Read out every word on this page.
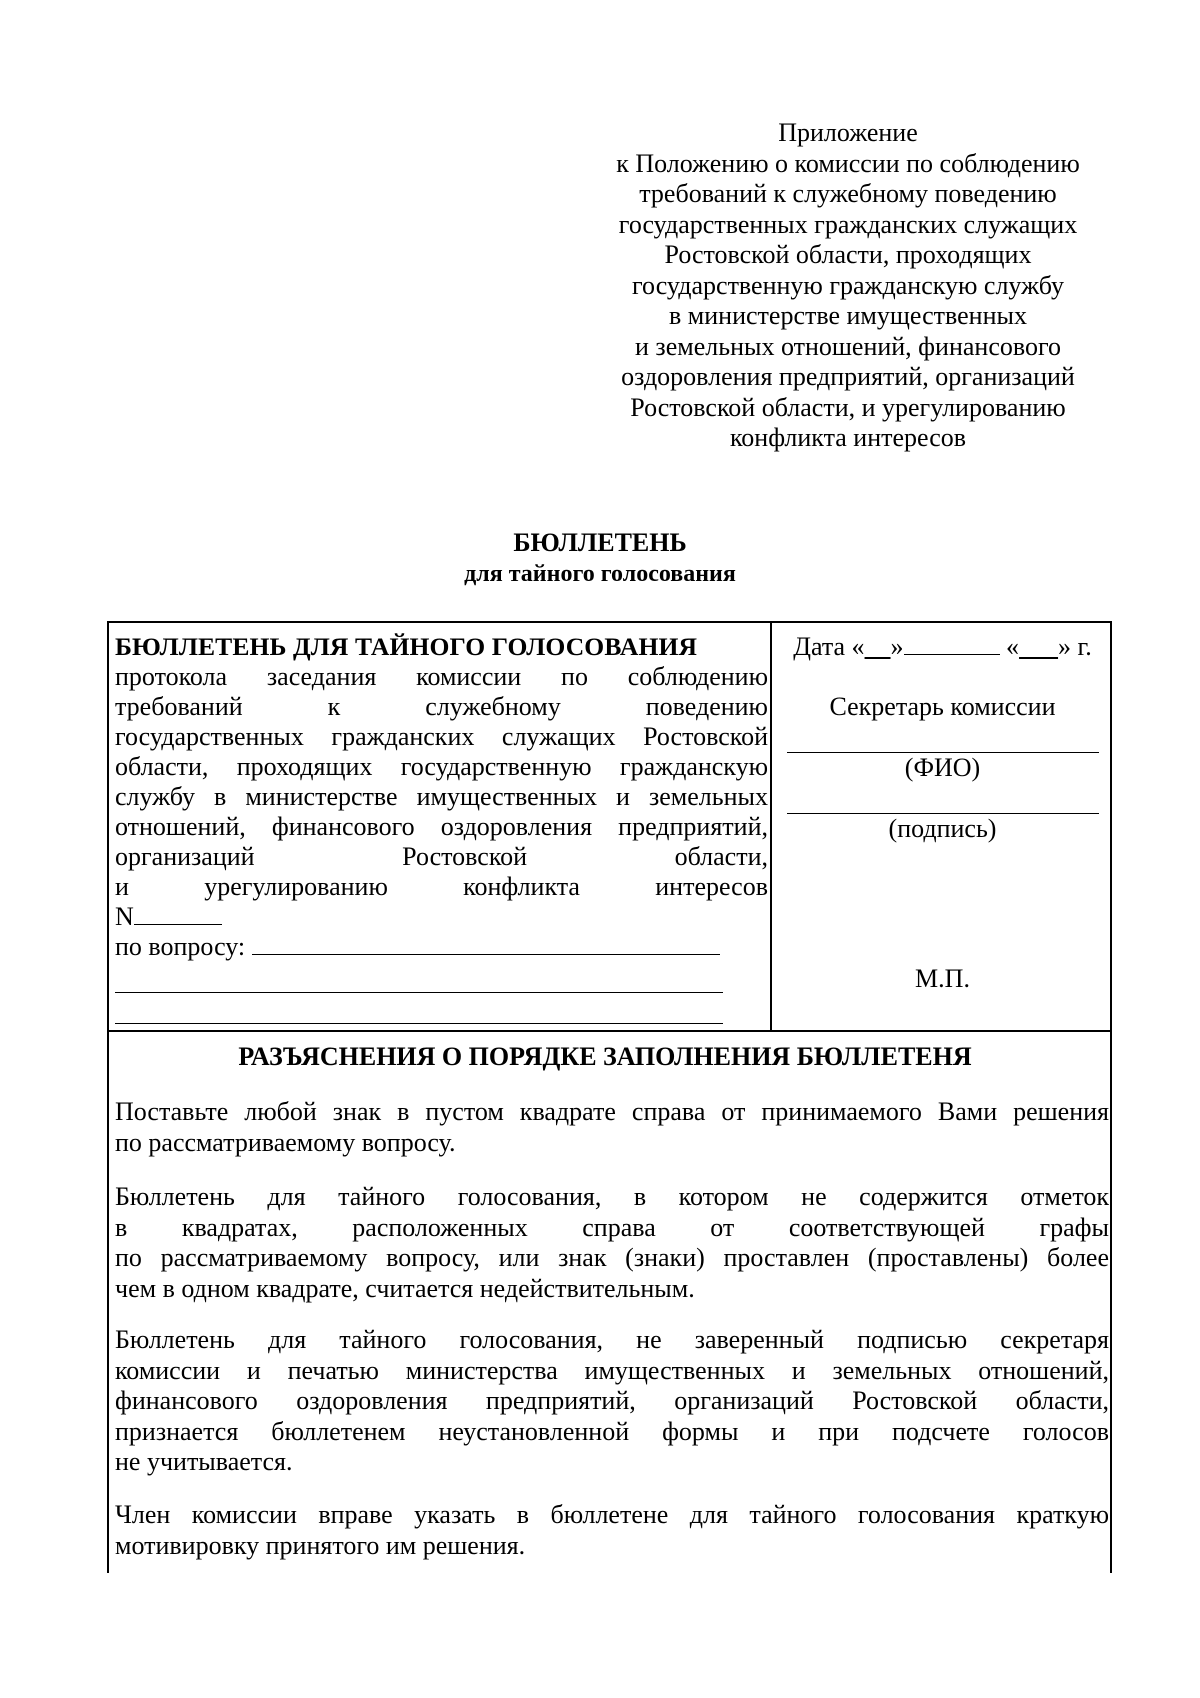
Приложение
к Положению о комиссии по соблюдению
требований к служебному поведению
государственных гражданских служащих
Ростовской области, проходящих
государственную гражданскую службу
в министерстве имущественных
и земельных отношений, финансового
оздоровления предприятий, организаций
Ростовской области, и урегулированию
конфликта интересов
БЮЛЛЕТЕНЬ
для тайного голосования
БЮЛЛЕТЕНЬ ДЛЯ ТАЙНОГО ГОЛОСОВАНИЯ
протокола заседания комиссии по соблюдению
требований к служебному поведению
государственных гражданских служащих Ростовской
области, проходящих государственную гражданскую
службу в министерстве имущественных и земельных
отношений, финансового оздоровления предприятий,
организаций Ростовской области,
и урегулированию конфликта интересов
N
по вопросу:
Дата « »	« » г.
Секретарь комиссии
(ФИО)
(подпись)
М.П.
РАЗЪЯСНЕНИЯ О ПОРЯДКЕ ЗАПОЛНЕНИЯ БЮЛЛЕТЕНЯ
Поставьте любой знак в пустом квадрате справа от принимаемого Вами решения
по рассматриваемому вопросу.
Бюллетень для тайного голосования, в котором не содержится отметок
в квадратах, расположенных справа от соответствующей графы
по рассматриваемому вопросу, или знак (знаки) проставлен (проставлены) более
чем в одном квадрате, считается недействительным.
Бюллетень для тайного голосования, не заверенный подписью секретаря
комиссии и печатью министерства имущественных и земельных отношений,
финансового оздоровления предприятий, организаций Ростовской области,
признается бюллетенем неустановленной формы и при подсчете голосов
не учитывается.
Член комиссии вправе указать в бюллетене для тайного голосования краткую
мотивировку принятого им решения.
